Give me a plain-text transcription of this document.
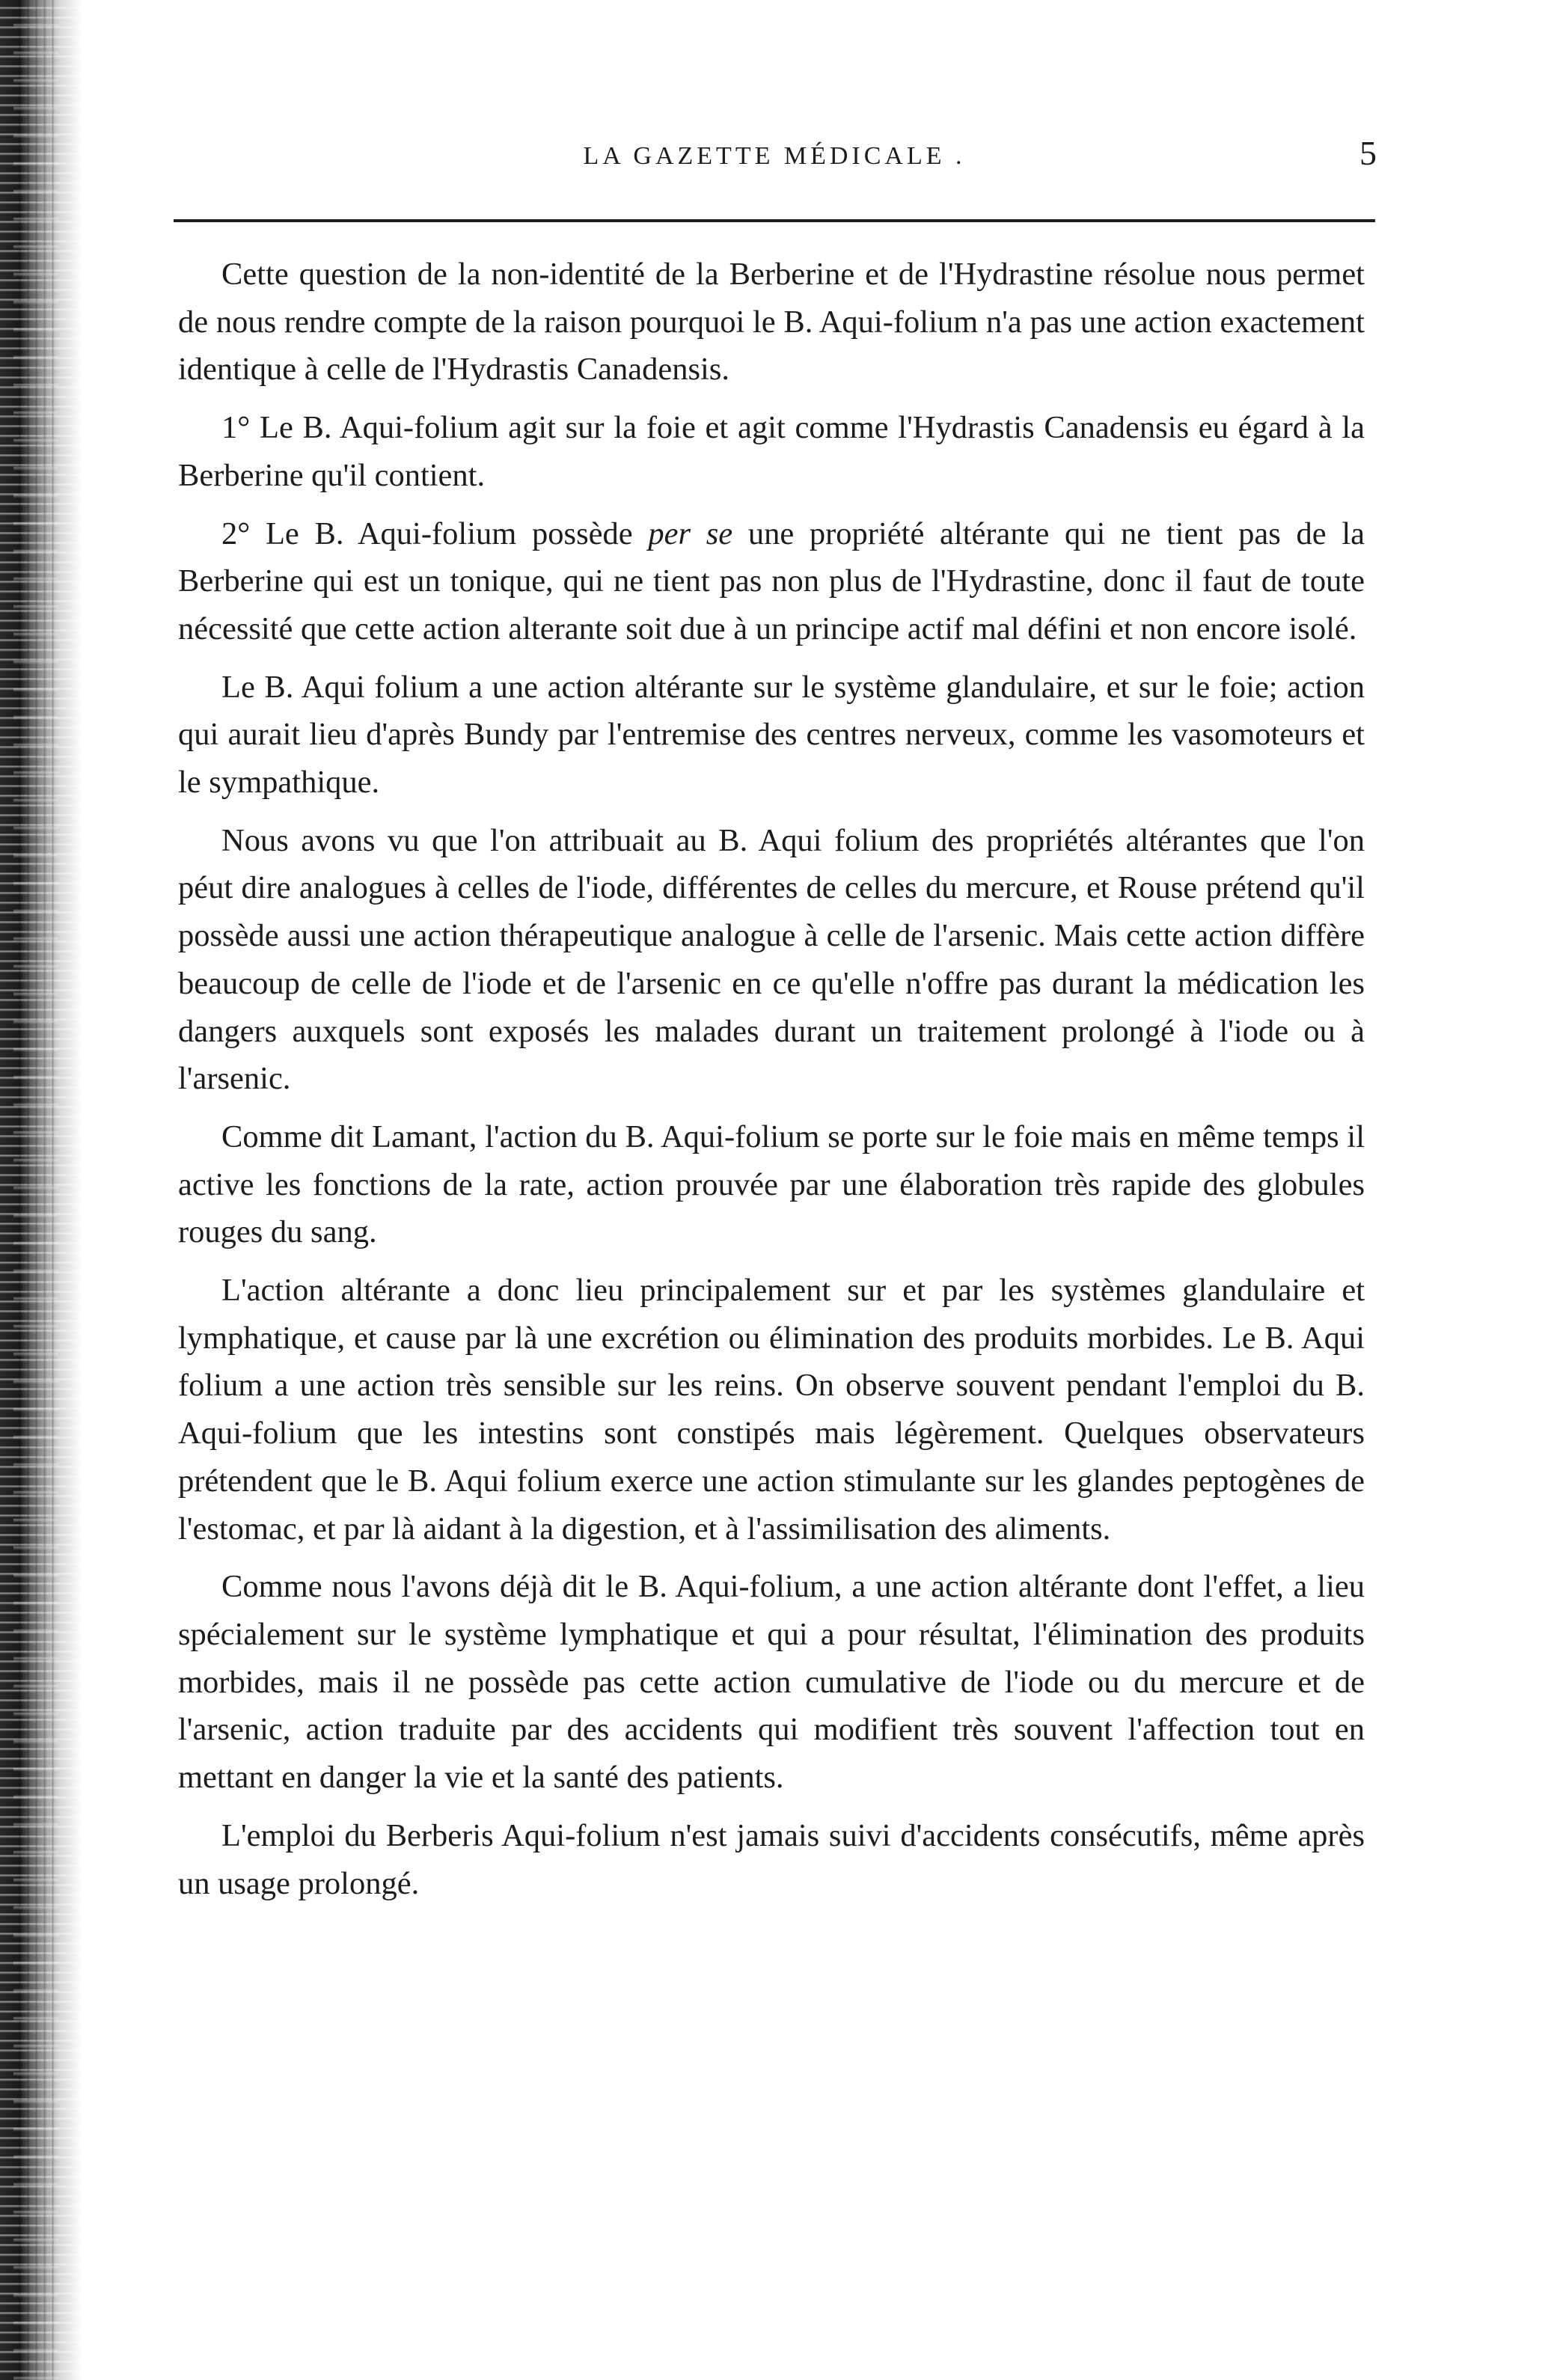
LA GAZETTE MÉDICALE .	5

Cette question de la non-identité de la Berberine et de l'Hydrastine résolue nous permet de nous rendre compte de la raison pourquoi le B. Aqui-folium n'a pas une action exactement identique à celle de l'Hydrastis Canadensis.

1° Le B. Aqui-folium agit sur la foie et agit comme l'Hydrastis Canadensis eu égard à la Berberine qu'il contient.

2° Le B. Aqui-folium possède per se une propriété altérante qui ne tient pas de la Berberine qui est un tonique, qui ne tient pas non plus de l'Hydrastine, donc il faut de toute nécessité que cette action alterante soit due à un principe actif mal défini et non encore isolé.

Le B. Aqui folium a une action altérante sur le système glandulaire, et sur le foie; action qui aurait lieu d'après Bundy par l'entremise des centres nerveux, comme les vasomoteurs et le sympathique.

Nous avons vu que l'on attribuait au B. Aqui folium des propriétés altérantes que l'on péut dire analogues à celles de l'iode, différentes de celles du mercure, et Rouse prétend qu'il possède aussi une action thérapeutique analogue à celle de l'arsenic. Mais cette action diffère beaucoup de celle de l'iode et de l'arsenic en ce qu'elle n'offre pas durant la médication les dangers auxquels sont exposés les malades durant un traitement prolongé à l'iode ou à l'arsenic.

Comme dit Lamant, l'action du B. Aqui-folium se porte sur le foie mais en même temps il active les fonctions de la rate, action prouvée par une élaboration très rapide des globules rouges du sang.

L'action altérante a donc lieu principalement sur et par les systèmes glandulaire et lymphatique, et cause par là une excrétion ou élimination des produits morbides. Le B. Aqui folium a une action très sensible sur les reins. On observe souvent pendant l'emploi du B. Aqui-folium que les intestins sont constipés mais légèrement. Quelques observateurs prétendent que le B. Aqui folium exerce une action stimulante sur les glandes peptogènes de l'estomac, et par là aidant à la digestion, et à l'assimilisation des aliments.

Comme nous l'avons déjà dit le B. Aqui-folium, a une action altérante dont l'effet, a lieu spécialement sur le système lymphatique et qui a pour résultat, l'élimination des produits morbides, mais il ne possède pas cette action cumulative de l'iode ou du mercure et de l'arsenic, action traduite par des accidents qui modifient très souvent l'affection tout en mettant en danger la vie et la santé des patients.

L'emploi du Berberis Aqui-folium n'est jamais suivi d'accidents consécutifs, même après un usage prolongé.
